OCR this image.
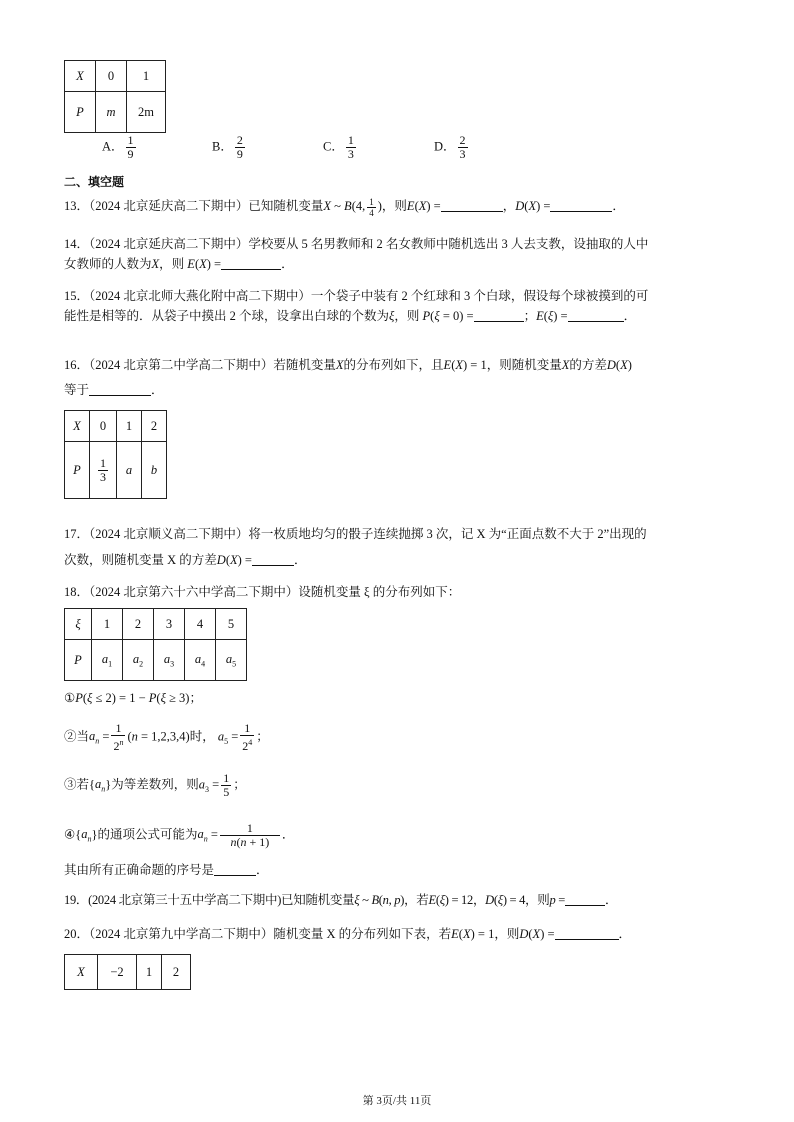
X	0	1
P	m	2m
A． $\frac{1}{9}$	B． $\frac{2}{9}$	C． $\frac{1}{3}$	D． $\frac{2}{3}$
二、填空题
13．（2024 北京延庆高二下期中）已知随机变量X ~ B(4, $\frac{1}{4}$ )，则E(X) =	，D(X) =	．
14．（2024 北京延庆高二下期中）学校要从 5 名男教师和 2 名女教师中随机选出 3 人去支教，设抽取的人中
女教师的人数为X，则 E(X) =	．
15．（2024 北京北师大燕化附中高二下期中）一个袋子中装有 2 个红球和 3 个白球，假设每个球被摸到的可
能性是相等的．从袋子中摸出 2 个球，设拿出白球的个数为ξ，则 P(ξ = 0) =	；E(ξ) =	．
16．（2024 北京第二中学高二下期中）若随机变量X的分布列如下，且E(X) = 1，则随机变量X的方差D(X)
等于	．
X	0	1	2
P	$\frac{1}{3}$	a	b
17．（2024 北京顺义高二下期中）将一枚质地均匀的骰子连续抛掷 3 次，记 X 为“正面点数不大于 2”出现的
次数，则随机变量 X 的方差D(X) =	．
18．（2024 北京第六十六中学高二下期中）设随机变量 ξ 的分布列如下：
ξ	1	2	3	4	5
P	$a_1$	$a_2$	$a_3$	$a_4$	$a_5$
①P(ξ ≤ 2) = 1 − P(ξ ≥ 3)；
②当$a_n = \frac{1}{2^n} (n = 1,2,3,4)$时， $a_5 = \frac{1}{2^4}$ ；
③若$\{a_n\}$为等差数列，则$a_3 = \frac{1}{5}$ ；
$④\{a_n\}$的通项公式可能为$a_n = \frac{1}{n(n + 1)}$ ．
其由所有正确命题的序号是	．
19．(2024 北京第三十五中学高二下期中)已知随机变量ξ ~ B(n, p)，若E(ξ) = 12，D(ξ) = 4，则p =	．
20．（2024 北京第九中学高二下期中）随机变量 X 的分布列如下表，若E(X) = 1，则D(X) =	．
X	−2	1	2
第 3页/共 11页
